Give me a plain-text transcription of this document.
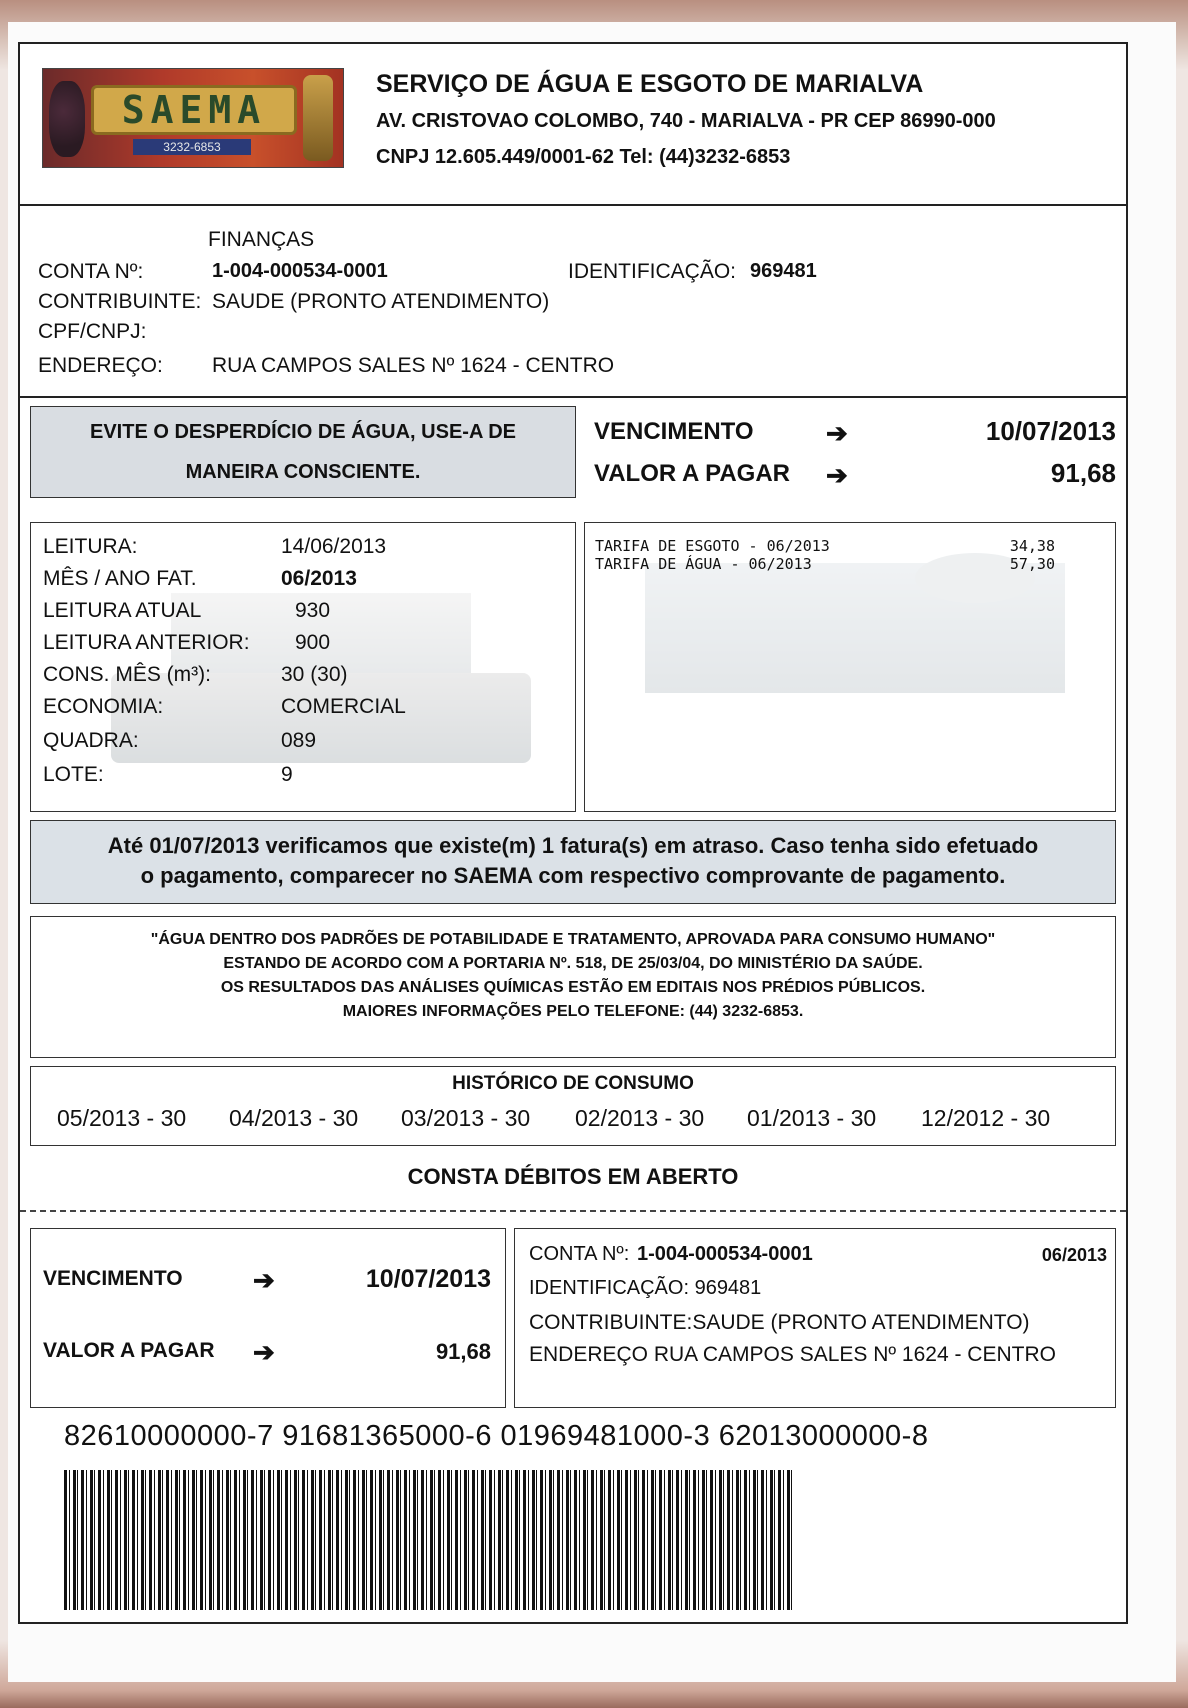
SAEMA
3232-6853
SERVIÇO DE ÁGUA E ESGOTO DE MARIALVA
AV. CRISTOVAO COLOMBO, 740 - MARIALVA - PR CEP 86990-000
CNPJ 12.605.449/0001-62 Tel: (44)3232-6853
FINANÇAS
CONTA Nº:	1-004-000534-0001	IDENTIFICAÇÃO: 969481
CONTRIBUINTE: SAUDE (PRONTO ATENDIMENTO)
CPF/CNPJ:
ENDEREÇO: RUA CAMPOS SALES Nº 1624 - CENTRO
EVITE O DESPERDÍCIO DE ÁGUA, USE-A DE
MANEIRA CONSCIENTE.
VENCIMENTO	➔	10/07/2013
VALOR A PAGAR ➔	91,68
LEITURA:	14/06/2013
MÊS / ANO FAT.	06/2013
LEITURA ATUAL	930
LEITURA ANTERIOR: 900
CONS. MÊS (m³):	30 (30)
ECONOMIA:	COMERCIAL
QUADRA:	089
LOTE:	9
TARIFA DE ESGOTO - 06/2013	34,38
TARIFA DE ÁGUA - 06/2013	57,30
Até 01/07/2013 verificamos que existe(m) 1 fatura(s) em atraso. Caso tenha sido efetuado
o pagamento, comparecer no SAEMA com respectivo comprovante de pagamento.
"ÁGUA DENTRO DOS PADRÕES DE POTABILIDADE E TRATAMENTO, APROVADA PARA CONSUMO HUMANO"
ESTANDO DE ACORDO COM A PORTARIA Nº. 518, DE 25/03/04, DO MINISTÉRIO DA SAÚDE.
OS RESULTADOS DAS ANÁLISES QUÍMICAS ESTÃO EM EDITAIS NOS PRÉDIOS PÚBLICOS.
MAIORES INFORMAÇÕES PELO TELEFONE: (44) 3232-6853.
HISTÓRICO DE CONSUMO
05/2013 - 30 04/2013 - 30 03/2013 - 30 02/2013 - 30 01/2013 - 30 12/2012 - 30
CONSTA DÉBITOS EM ABERTO
VENCIMENTO	➔	10/07/2013
VALOR A PAGAR ➔	91,68
CONTA Nº: 1-004-000534-0001	06/2013
IDENTIFICAÇÃO: 969481
CONTRIBUINTE:SAUDE (PRONTO ATENDIMENTO)
ENDEREÇO RUA CAMPOS SALES Nº 1624 - CENTRO
82610000000-7 91681365000-6 01969481000-3 62013000000-8
